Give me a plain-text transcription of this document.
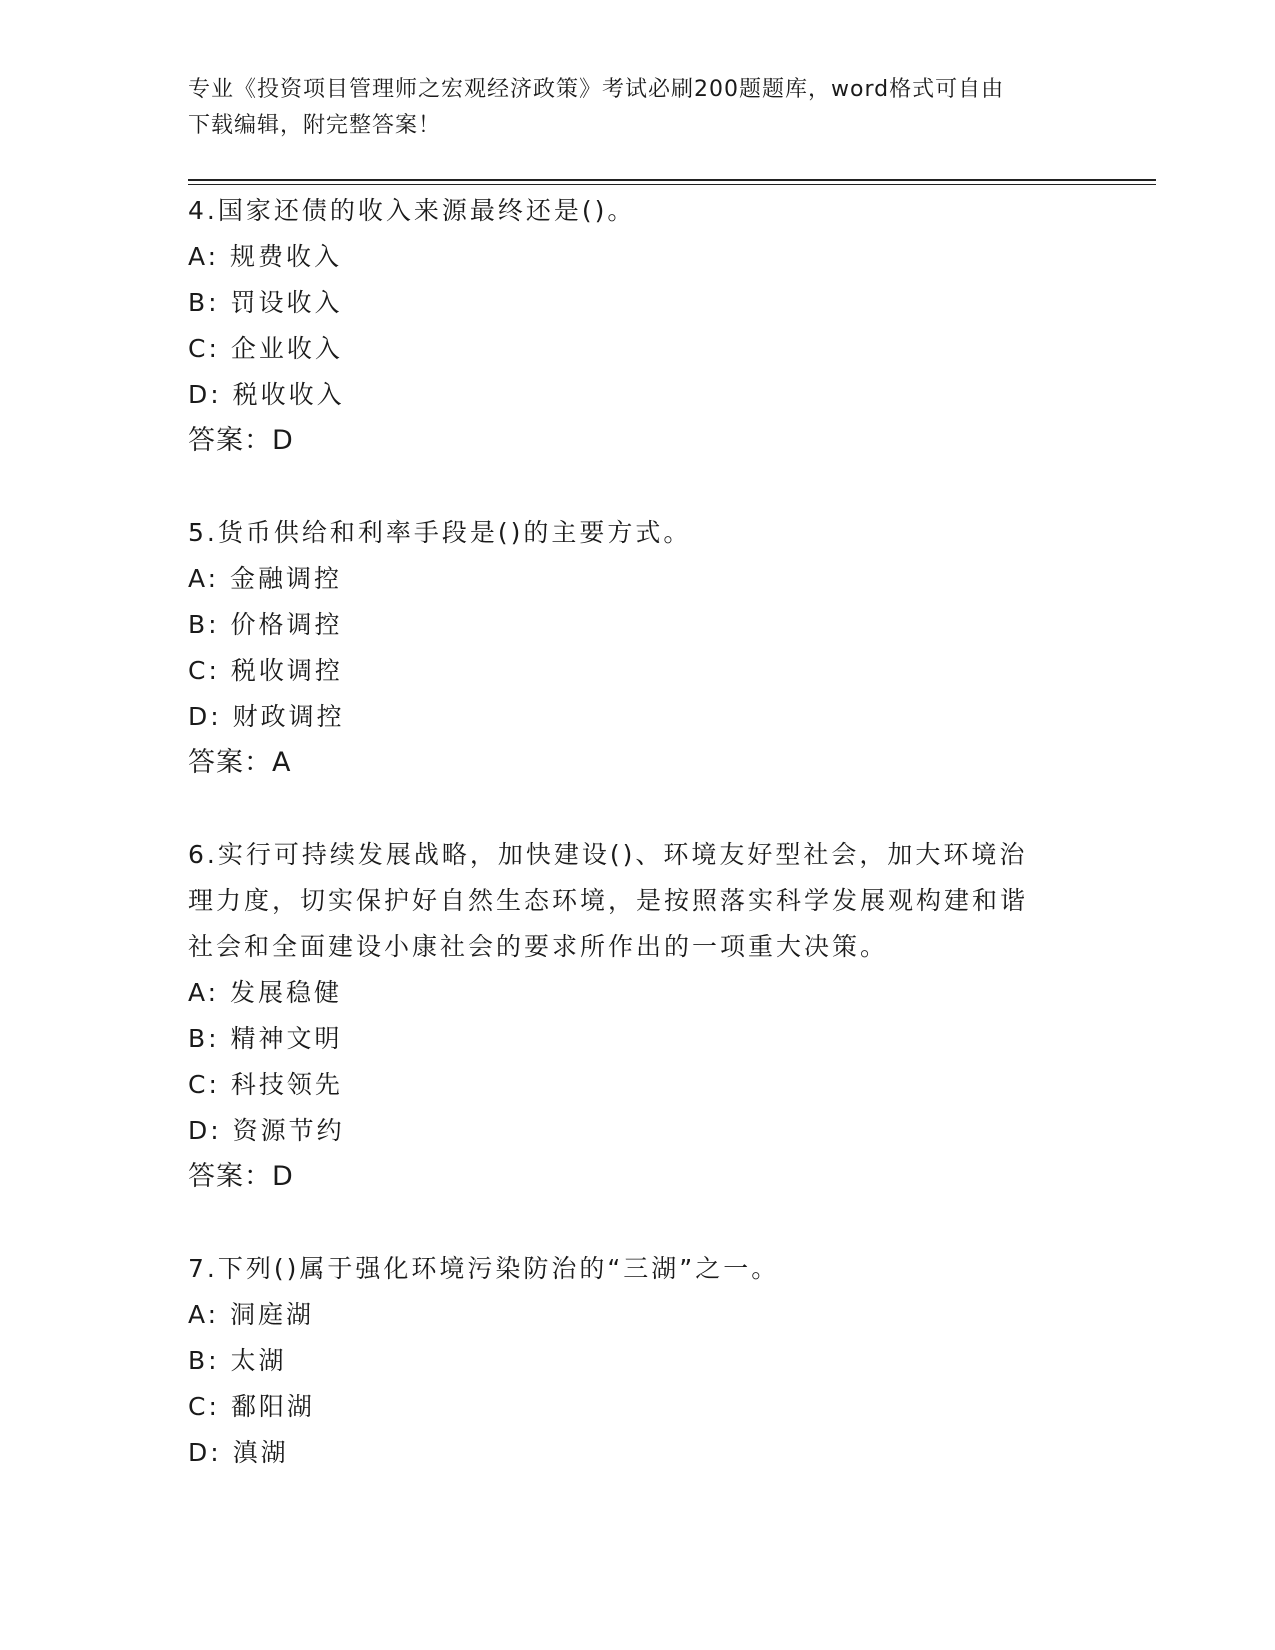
专业《投资项目管理师之宏观经济政策》考试必刷200题题库，word格式可自由
下载编辑，附完整答案！

4.国家还债的收入来源最终还是()。

A: 规费收入

B: 罚设收入

C: 企业收入

D: 税收收入

答案：D

5.货币供给和利率手段是()的主要方式。

A: 金融调控

B: 价格调控

C: 税收调控

D: 财政调控

答案：A

6.实行可持续发展战略，加快建设()、环境友好型社会，加大环境治

理力度，切实保护好自然生态环境，是按照落实科学发展观构建和谐

社会和全面建设小康社会的要求所作出的一项重大决策。

A: 发展稳健

B: 精神文明

C: 科技领先

D: 资源节约

答案：D

7.下列()属于强化环境污染防治的“三湖”之一。

A: 洞庭湖

B: 太湖

C: 鄱阳湖

D: 滇湖
